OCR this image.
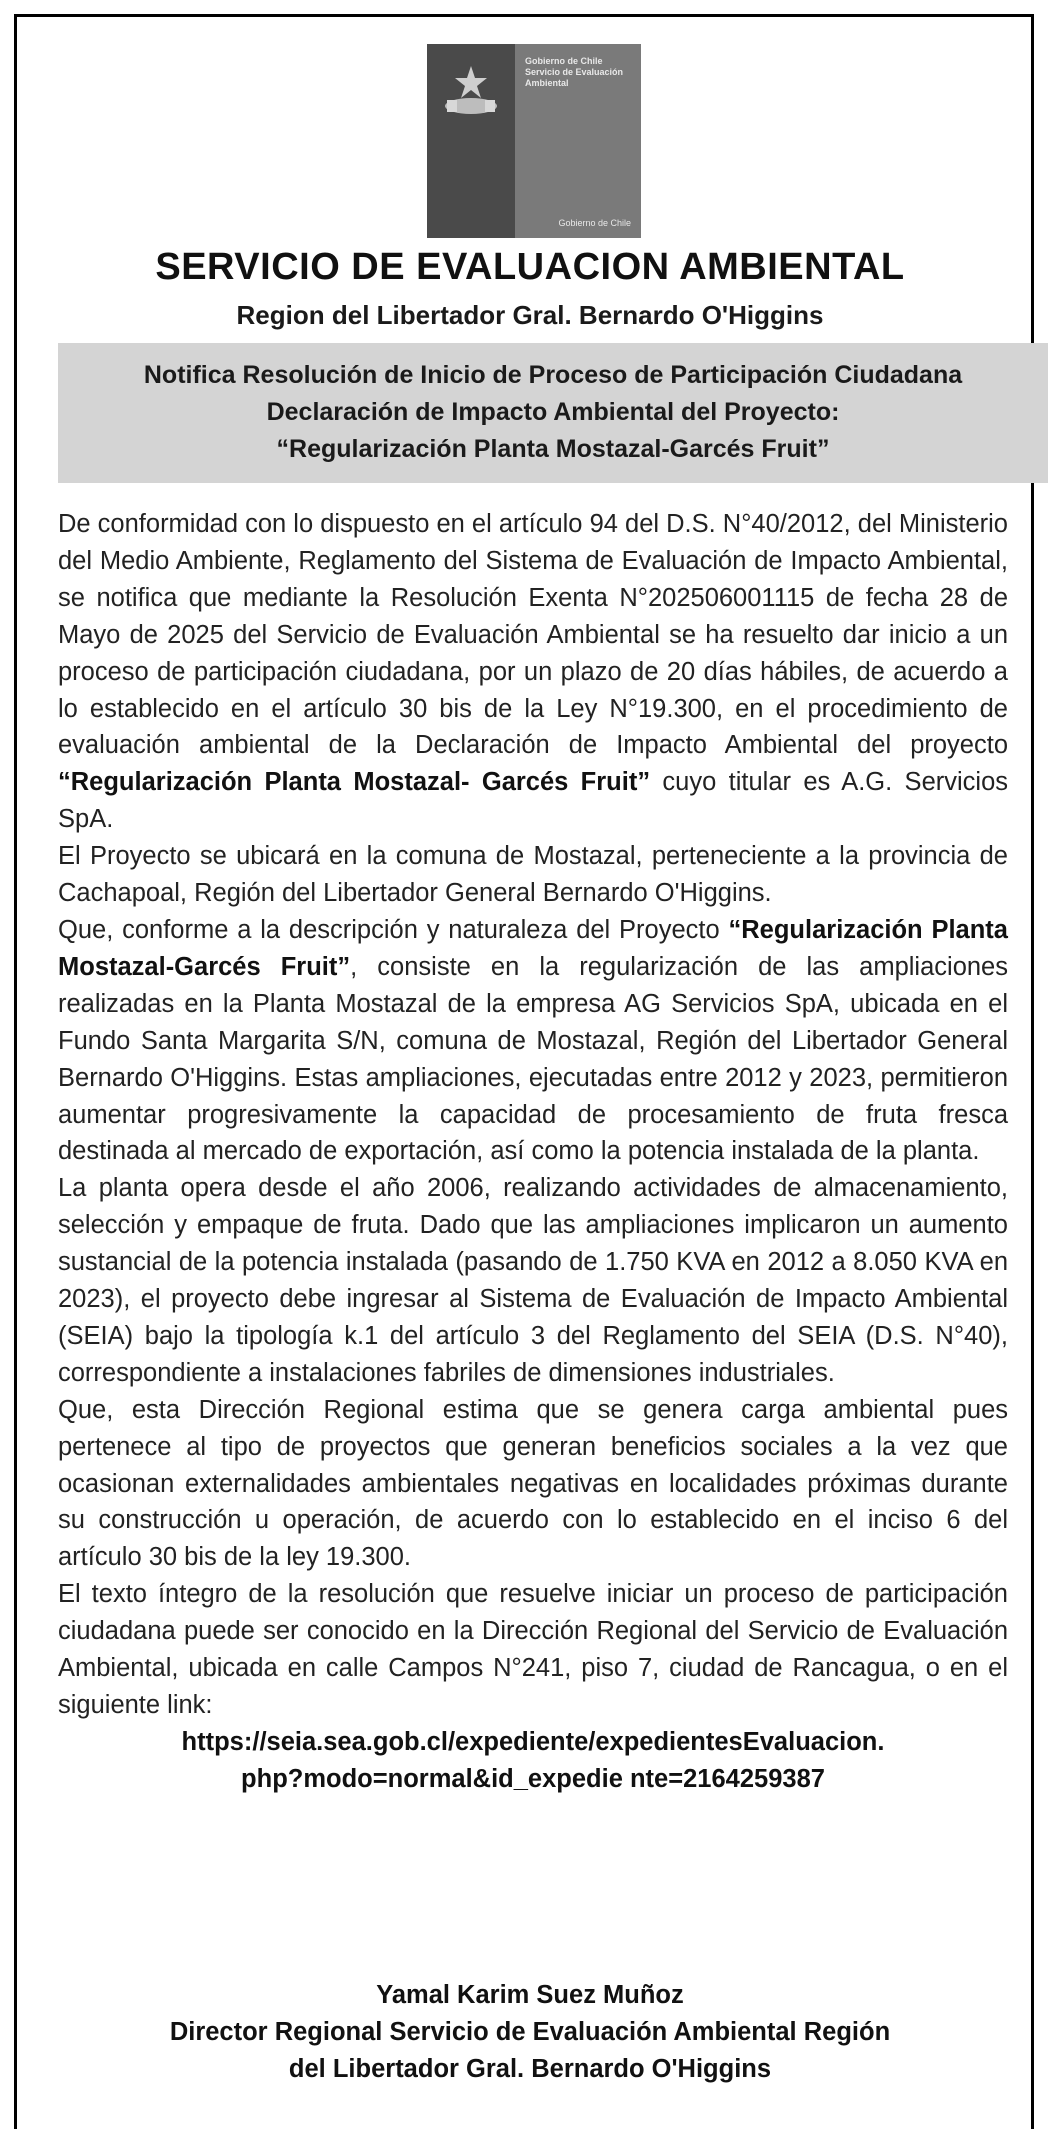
Gobierno de Chile
Servicio de Evaluación Ambiental
Gobierno de Chile
SERVICIO DE EVALUACION AMBIENTAL
Region del Libertador Gral. Bernardo O'Higgins
Notifica Resolución de Inicio de Proceso de Participación Ciudadana
Declaración de Impacto Ambiental del Proyecto:
“Regularización Planta Mostazal-Garcés Fruit”

De conformidad con lo dispuesto en el artículo 94 del D.S. N°40/2012, del Ministerio del Medio Ambiente, Reglamento del Sistema de Evaluación de Impacto Ambiental, se notifica que mediante la Resolución Exenta N°202506001115 de fecha 28 de Mayo de 2025 del Servicio de Evaluación Ambiental se ha resuelto dar inicio a un proceso de participación ciudadana, por un plazo de 20 días hábiles, de acuerdo a lo establecido en el artículo 30 bis de la Ley N°19.300, en el procedimiento de evaluación ambiental de la Declaración de Impacto Ambiental del proyecto “Regularización Planta Mostazal- Garcés Fruit” cuyo titular es A.G. Servicios SpA.

El Proyecto se ubicará en la comuna de Mostazal, perteneciente a la provincia de Cachapoal, Región del Libertador General Bernardo O'Higgins.

Que, conforme a la descripción y naturaleza del Proyecto “Regularización Planta Mostazal-Garcés Fruit”, consiste en la regularización de las ampliaciones realizadas en la Planta Mostazal de la empresa AG Servicios SpA, ubicada en el Fundo Santa Margarita S/N, comuna de Mostazal, Región del Libertador General Bernardo O'Higgins. Estas ampliaciones, ejecutadas entre 2012 y 2023, permitieron aumentar progresivamente la capacidad de procesamiento de fruta fresca destinada al mercado de exportación, así como la potencia instalada de la planta.

La planta opera desde el año 2006, realizando actividades de almacenamiento, selección y empaque de fruta. Dado que las ampliaciones implicaron un aumento sustancial de la potencia instalada (pasando de 1.750 KVA en 2012 a 8.050 KVA en 2023), el proyecto debe ingresar al Sistema de Evaluación de Impacto Ambiental (SEIA) bajo la tipología k.1 del artículo 3 del Reglamento del SEIA (D.S. N°40), correspondiente a instalaciones fabriles de dimensiones industriales.

Que, esta Dirección Regional estima que se genera carga ambiental pues pertenece al tipo de proyectos que generan beneficios sociales a la vez que ocasionan externalidades ambientales negativas en localidades próximas durante su construcción u operación, de acuerdo con lo establecido en el inciso 6 del artículo 30 bis de la ley 19.300.

El texto íntegro de la resolución que resuelve iniciar un proceso de participación ciudadana puede ser conocido en la Dirección Regional del Servicio de Evaluación Ambiental, ubicada en calle Campos N°241, piso 7, ciudad de Rancagua, o en el siguiente link:

https://seia.sea.gob.cl/expediente/expedientesEvaluacion.
php?modo=normal&id_expedie nte=2164259387
Yamal Karim Suez Muñoz
Director Regional Servicio de Evaluación Ambiental Región
del Libertador Gral. Bernardo O'Higgins
